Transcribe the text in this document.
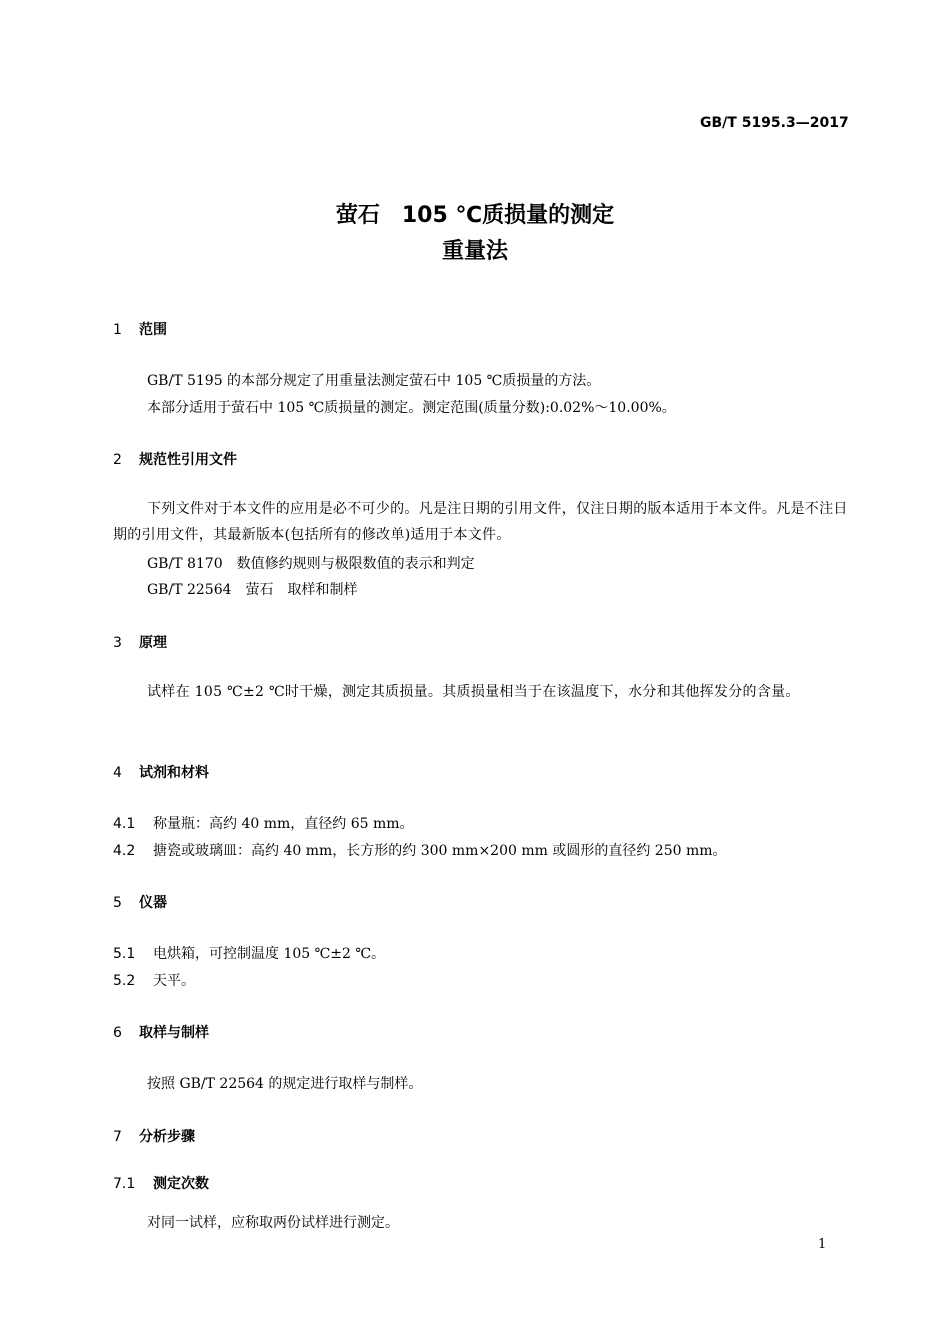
GB/T 5195.3—2017
萤石　105 ℃质损量的测定
重量法
1 范围
GB/T 5195 的本部分规定了用重量法测定萤石中 105 ℃质损量的方法。
本部分适用于萤石中 105 ℃质损量的测定。测定范围(质量分数):0.02%～10.00%。
2 规范性引用文件
下列文件对于本文件的应用是必不可少的。凡是注日期的引用文件，仅注日期的版本适用于本文件。凡是不注日期的引用文件，其最新版本(包括所有的修改单)适用于本文件。
GB/T 8170　数值修约规则与极限数值的表示和判定
GB/T 22564　萤石　取样和制样
3 原理
试样在 105 ℃±2 ℃时干燥，测定其质损量。其质损量相当于在该温度下，水分和其他挥发分的含量。
4 试剂和材料
4.1 称量瓶：高约 40 mm，直径约 65 mm。
4.2 搪瓷或玻璃皿：高约 40 mm，长方形的约 300 mm×200 mm 或圆形的直径约 250 mm。
5 仪器
5.1 电烘箱，可控制温度 105 ℃±2 ℃。
5.2 天平。
6 取样与制样
按照 GB/T 22564 的规定进行取样与制样。
7 分析步骤
7.1 测定次数
对同一试样，应称取两份试样进行测定。
1
